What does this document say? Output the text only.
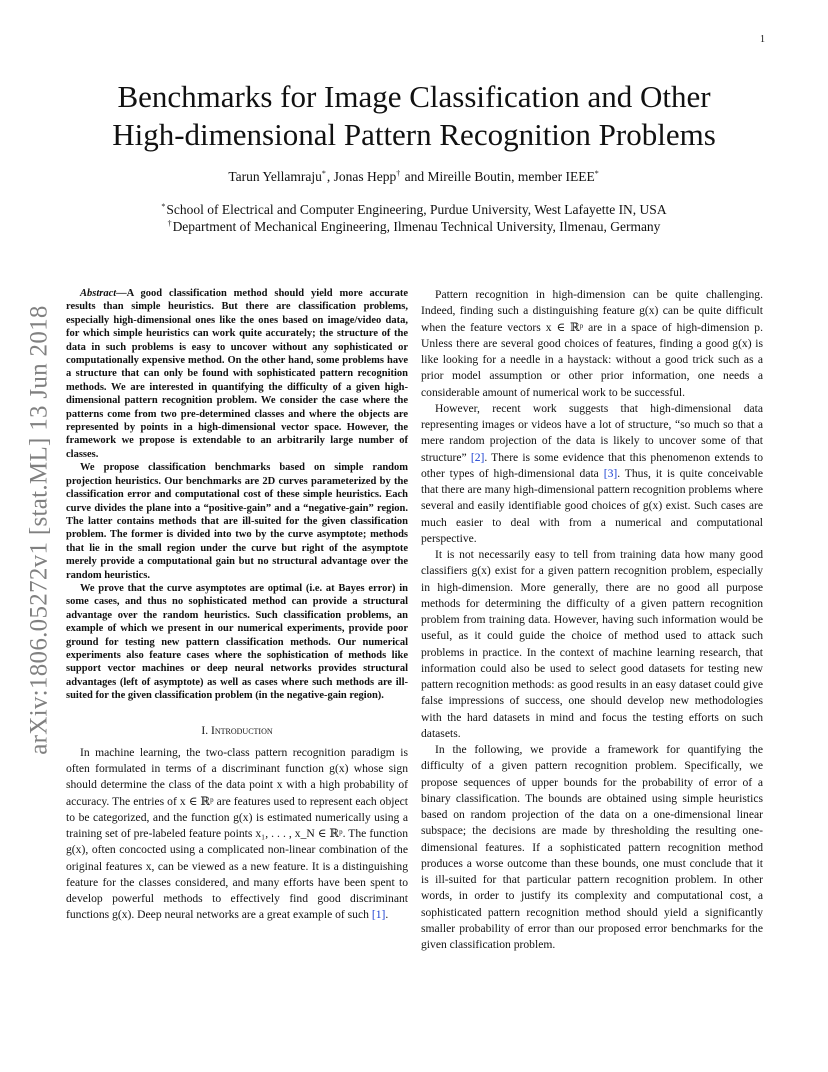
1
arXiv:1806.05272v1 [stat.ML] 13 Jun 2018
Benchmarks for Image Classification and Other
High-dimensional Pattern Recognition Problems
Tarun Yellamraju*, Jonas Hepp† and Mireille Boutin, member IEEE*
*School of Electrical and Computer Engineering, Purdue University, West Lafayette IN, USA
†Department of Mechanical Engineering, Ilmenau Technical University, Ilmenau, Germany

Abstract—A good classification method should yield more accurate results than simple heuristics. But there are classification problems, especially high-dimensional ones like the ones based on image/video data, for which simple heuristics can work quite accurately; the structure of the data in such problems is easy to uncover without any sophisticated or computationally expensive method. On the other hand, some problems have a structure that can only be found with sophisticated pattern recognition methods. We are interested in quantifying the difficulty of a given high-dimensional pattern recognition problem. We consider the case where the patterns come from two pre-determined classes and where the objects are represented by points in a high-dimensional vector space. However, the framework we propose is extendable to an arbitrarily large number of classes.

We propose classification benchmarks based on simple random projection heuristics. Our benchmarks are 2D curves parameterized by the classification error and computational cost of these simple heuristics. Each curve divides the plane into a “positive-gain” and a “negative-gain” region. The latter contains methods that are ill-suited for the given classification problem. The former is divided into two by the curve asymptote; methods that lie in the small region under the curve but right of the asymptote merely provide a computational gain but no structural advantage over the random heuristics.

We prove that the curve asymptotes are optimal (i.e. at Bayes error) in some cases, and thus no sophisticated method can provide a structural advantage over the random heuristics. Such classification problems, an example of which we present in our numerical experiments, provide poor ground for testing new pattern classification methods. Our numerical experiments also feature cases where the sophistication of methods like support vector machines or deep neural networks provides structural advantages (left of asymptote) as well as cases where such methods are ill-suited for the given classification problem (in the negative-gain region).

I. Introduction

In machine learning, the two-class pattern recognition paradigm is often formulated in terms of a discriminant function g(x) whose sign should determine the class of the data point x with a high probability of accuracy. The entries of x ∈ ℝᵖ are features used to represent each object to be categorized, and the function g(x) is estimated numerically using a training set of pre-labeled feature points x₁, . . . , x_N ∈ ℝᵖ. The function g(x), often concocted using a complicated non-linear combination of the original features x, can be viewed as a new feature. It is a distinguishing feature for the classes considered, and many efforts have been spent to develop powerful methods to effectively find good discriminant functions g(x). Deep neural networks are a great example of such [1].

Pattern recognition in high-dimension can be quite challenging. Indeed, finding such a distinguishing feature g(x) can be quite difficult when the feature vectors x ∈ ℝᵖ are in a space of high-dimension p. Unless there are several good choices of features, finding a good g(x) is like looking for a needle in a haystack: without a good trick such as a prior model assumption or other prior information, one needs a considerable amount of numerical work to be successful.

However, recent work suggests that high-dimensional data representing images or videos have a lot of structure, “so much so that a mere random projection of the data is likely to uncover some of that structure” [2]. There is some evidence that this phenomenon extends to other types of high-dimensional data [3]. Thus, it is quite conceivable that there are many high-dimensional pattern recognition problems where several and easily identifiable good choices of g(x) exist. Such cases are much easier to deal with from a numerical and computational perspective.

It is not necessarily easy to tell from training data how many good classifiers g(x) exist for a given pattern recognition problem, especially in high-dimension. More generally, there are no good all purpose methods for determining the difficulty of a given pattern recognition problem from training data. However, having such information would be useful, as it could guide the choice of method used to attack such problems in practice. In the context of machine learning research, that information could also be used to select good datasets for testing new pattern recognition methods: as good results in an easy dataset could give false impressions of success, one should develop new methodologies with the hard datasets in mind and focus the testing efforts on such datasets.

In the following, we provide a framework for quantifying the difficulty of a given pattern recognition problem. Specifically, we propose sequences of upper bounds for the probability of error of a binary classification. The bounds are obtained using simple heuristics based on random projection of the data on a one-dimensional linear subspace; the decisions are made by thresholding the resulting one-dimensional features. If a sophisticated pattern recognition method produces a worse outcome than these bounds, one must conclude that it is ill-suited for that particular pattern recognition problem. In other words, in order to justify its complexity and computational cost, a sophisticated pattern recognition method should yield a significantly smaller probability of error than our proposed error benchmarks for the given classification problem.
